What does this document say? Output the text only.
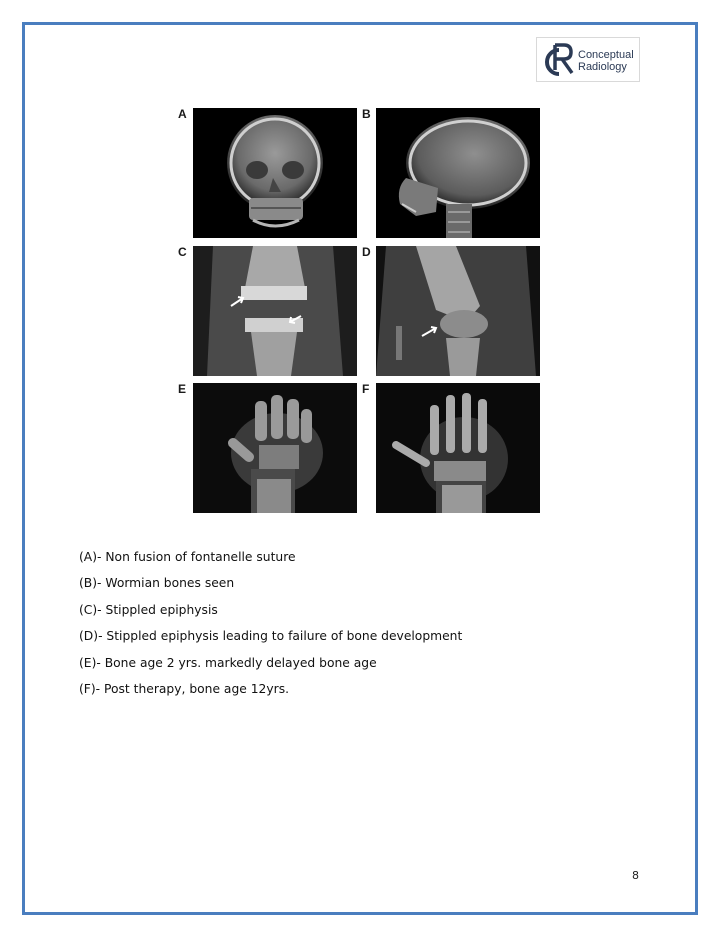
Conceptual
Radiology
A	B
C	D
E	F
(A)- Non fusion of fontanelle suture
(B)- Wormian bones seen
(C)- Stippled epiphysis
(D)- Stippled epiphysis leading to failure of bone development
(E)- Bone age 2 yrs. markedly delayed bone age
(F)- Post therapy, bone age 12yrs.
8
